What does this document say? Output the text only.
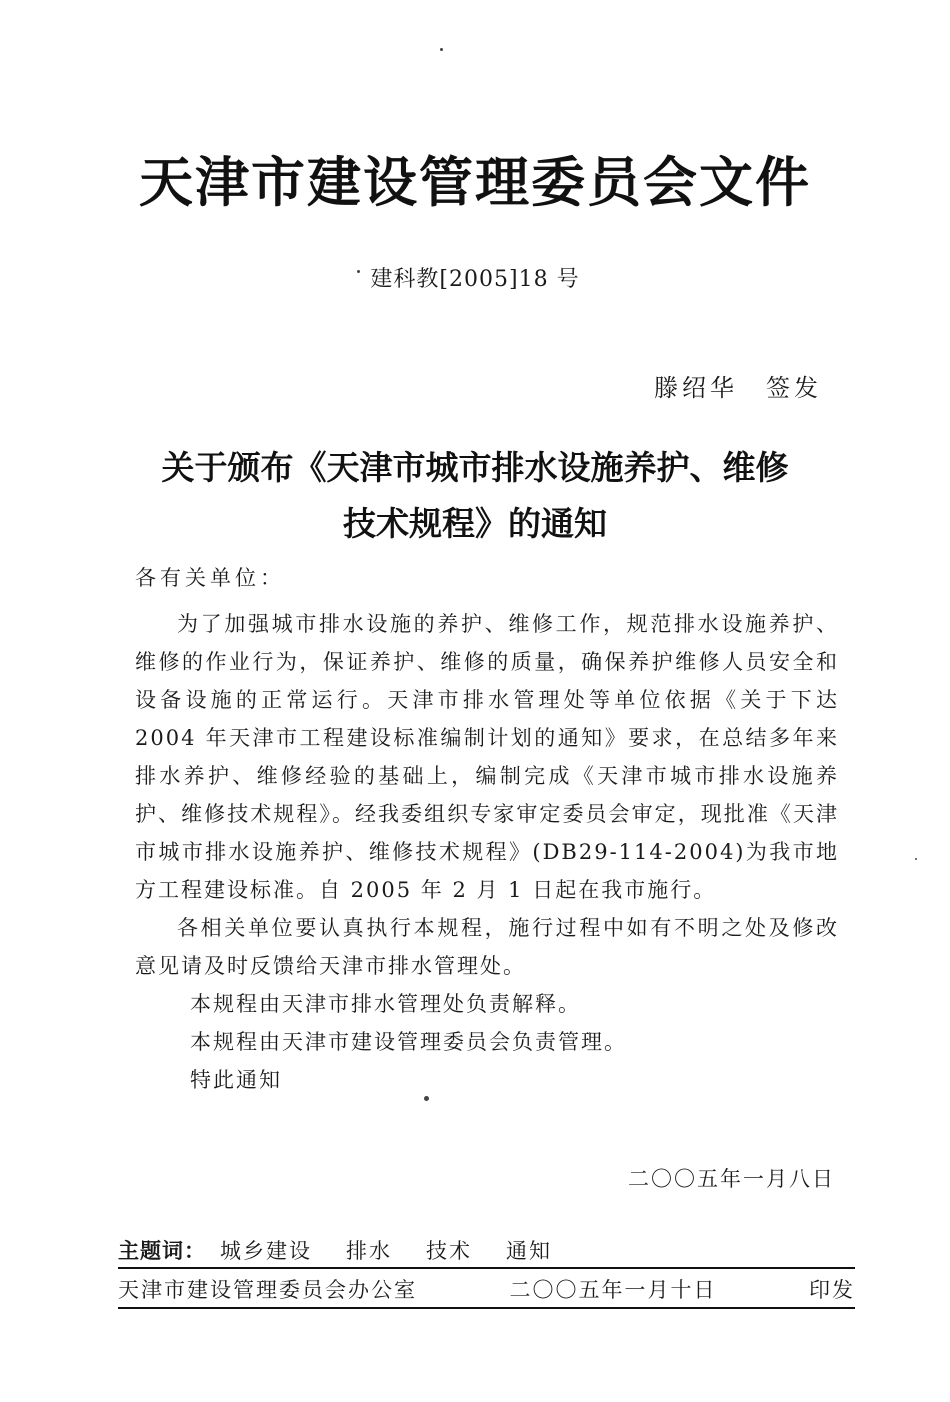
天津市建设管理委员会文件
建科教[2005]18 号
滕绍华　签发
关于颁布《天津市城市排水设施养护、维修
技术规程》的通知
各有关单位：

为了加强城市排水设施的养护、维修工作，规范排水设施养护、维修的作业行为，保证养护、维修的质量，确保养护维修人员安全和设备设施的正常运行。天津市排水管理处等单位依据《关于下达 2004 年天津市工程建设标准编制计划的通知》要求，在总结多年来排水养护、维修经验的基础上，编制完成《天津市城市排水设施养护、维修技术规程》。经我委组织专家审定委员会审定，现批准《天津市城市排水设施养护、维修技术规程》(DB29-114-2004)为我市地方工程建设标准。自 2005 年 2 月 1 日起在我市施行。

各相关单位要认真执行本规程，施行过程中如有不明之处及修改意见请及时反馈给天津市排水管理处。

本规程由天津市排水管理处负责解释。

本规程由天津市建设管理委员会负责管理。

特此通知

二〇〇五年一月八日
主题词： 城乡建设 排水 技术 通知
天津市建设管理委员会办公室	二〇〇五年一月十日	印发
